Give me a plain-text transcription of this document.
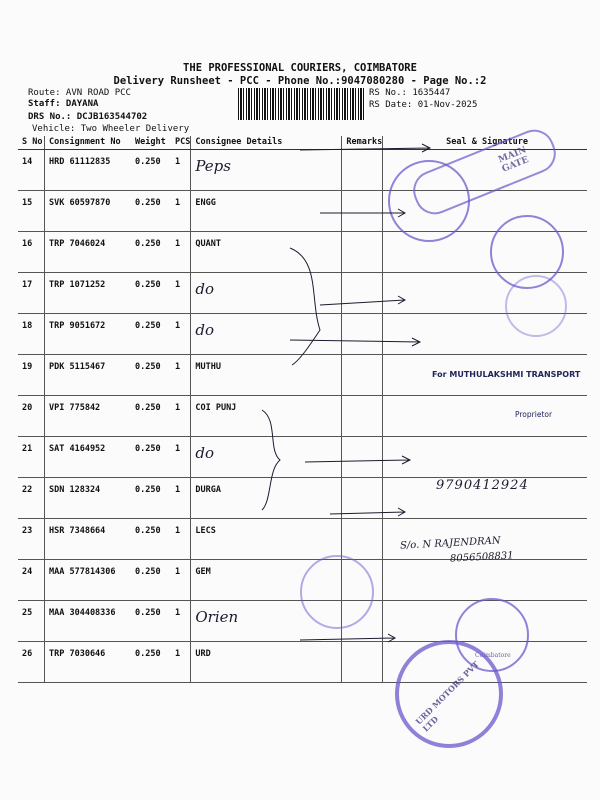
THE PROFESSIONAL COURIERS, COIMBATORE
Delivery Runsheet - PCC - Phone No.:9047080280 - Page No.:2
Route: AVN ROAD PCC
Staff: DAYANA
DRS No.: DCJB163544702
Vehicle: Two Wheeler Delivery
RS No.: 1635447
RS Date: 01-Nov-2025
S No	Consignment No	Weight	PCS	Consignee Details	Remarks	Seal & Signature
14	HRD 61112835	0.250	1	Peps		
15	SVK 60597870	0.250	1	ENGG		
16	TRP 7046024	0.250	1	QUANT		
17	TRP 1071252	0.250	1	do		
18	TRP 9051672	0.250	1	do		
19	PDK 5115467	0.250	1	MUTHU		
20	VPI 775842	0.250	1	COI PUNJ		
21	SAT 4164952	0.250	1	do		
22	SDN 128324	0.250	1	DURGA		
23	HSR 7348664	0.250	1	LECS		
24	MAA 577814306	0.250	1	GEM		
25	MAA 304408336	0.250	1	Orien		
26	TRP 7030646	0.250	1	URD		
MAIN GATE
For MUTHULAKSHMI TRANSPORT
Proprietor
9790412924
S/o. N RAJENDRAN
8056508831
Coimbatore
URD MOTORS PVT LTD
